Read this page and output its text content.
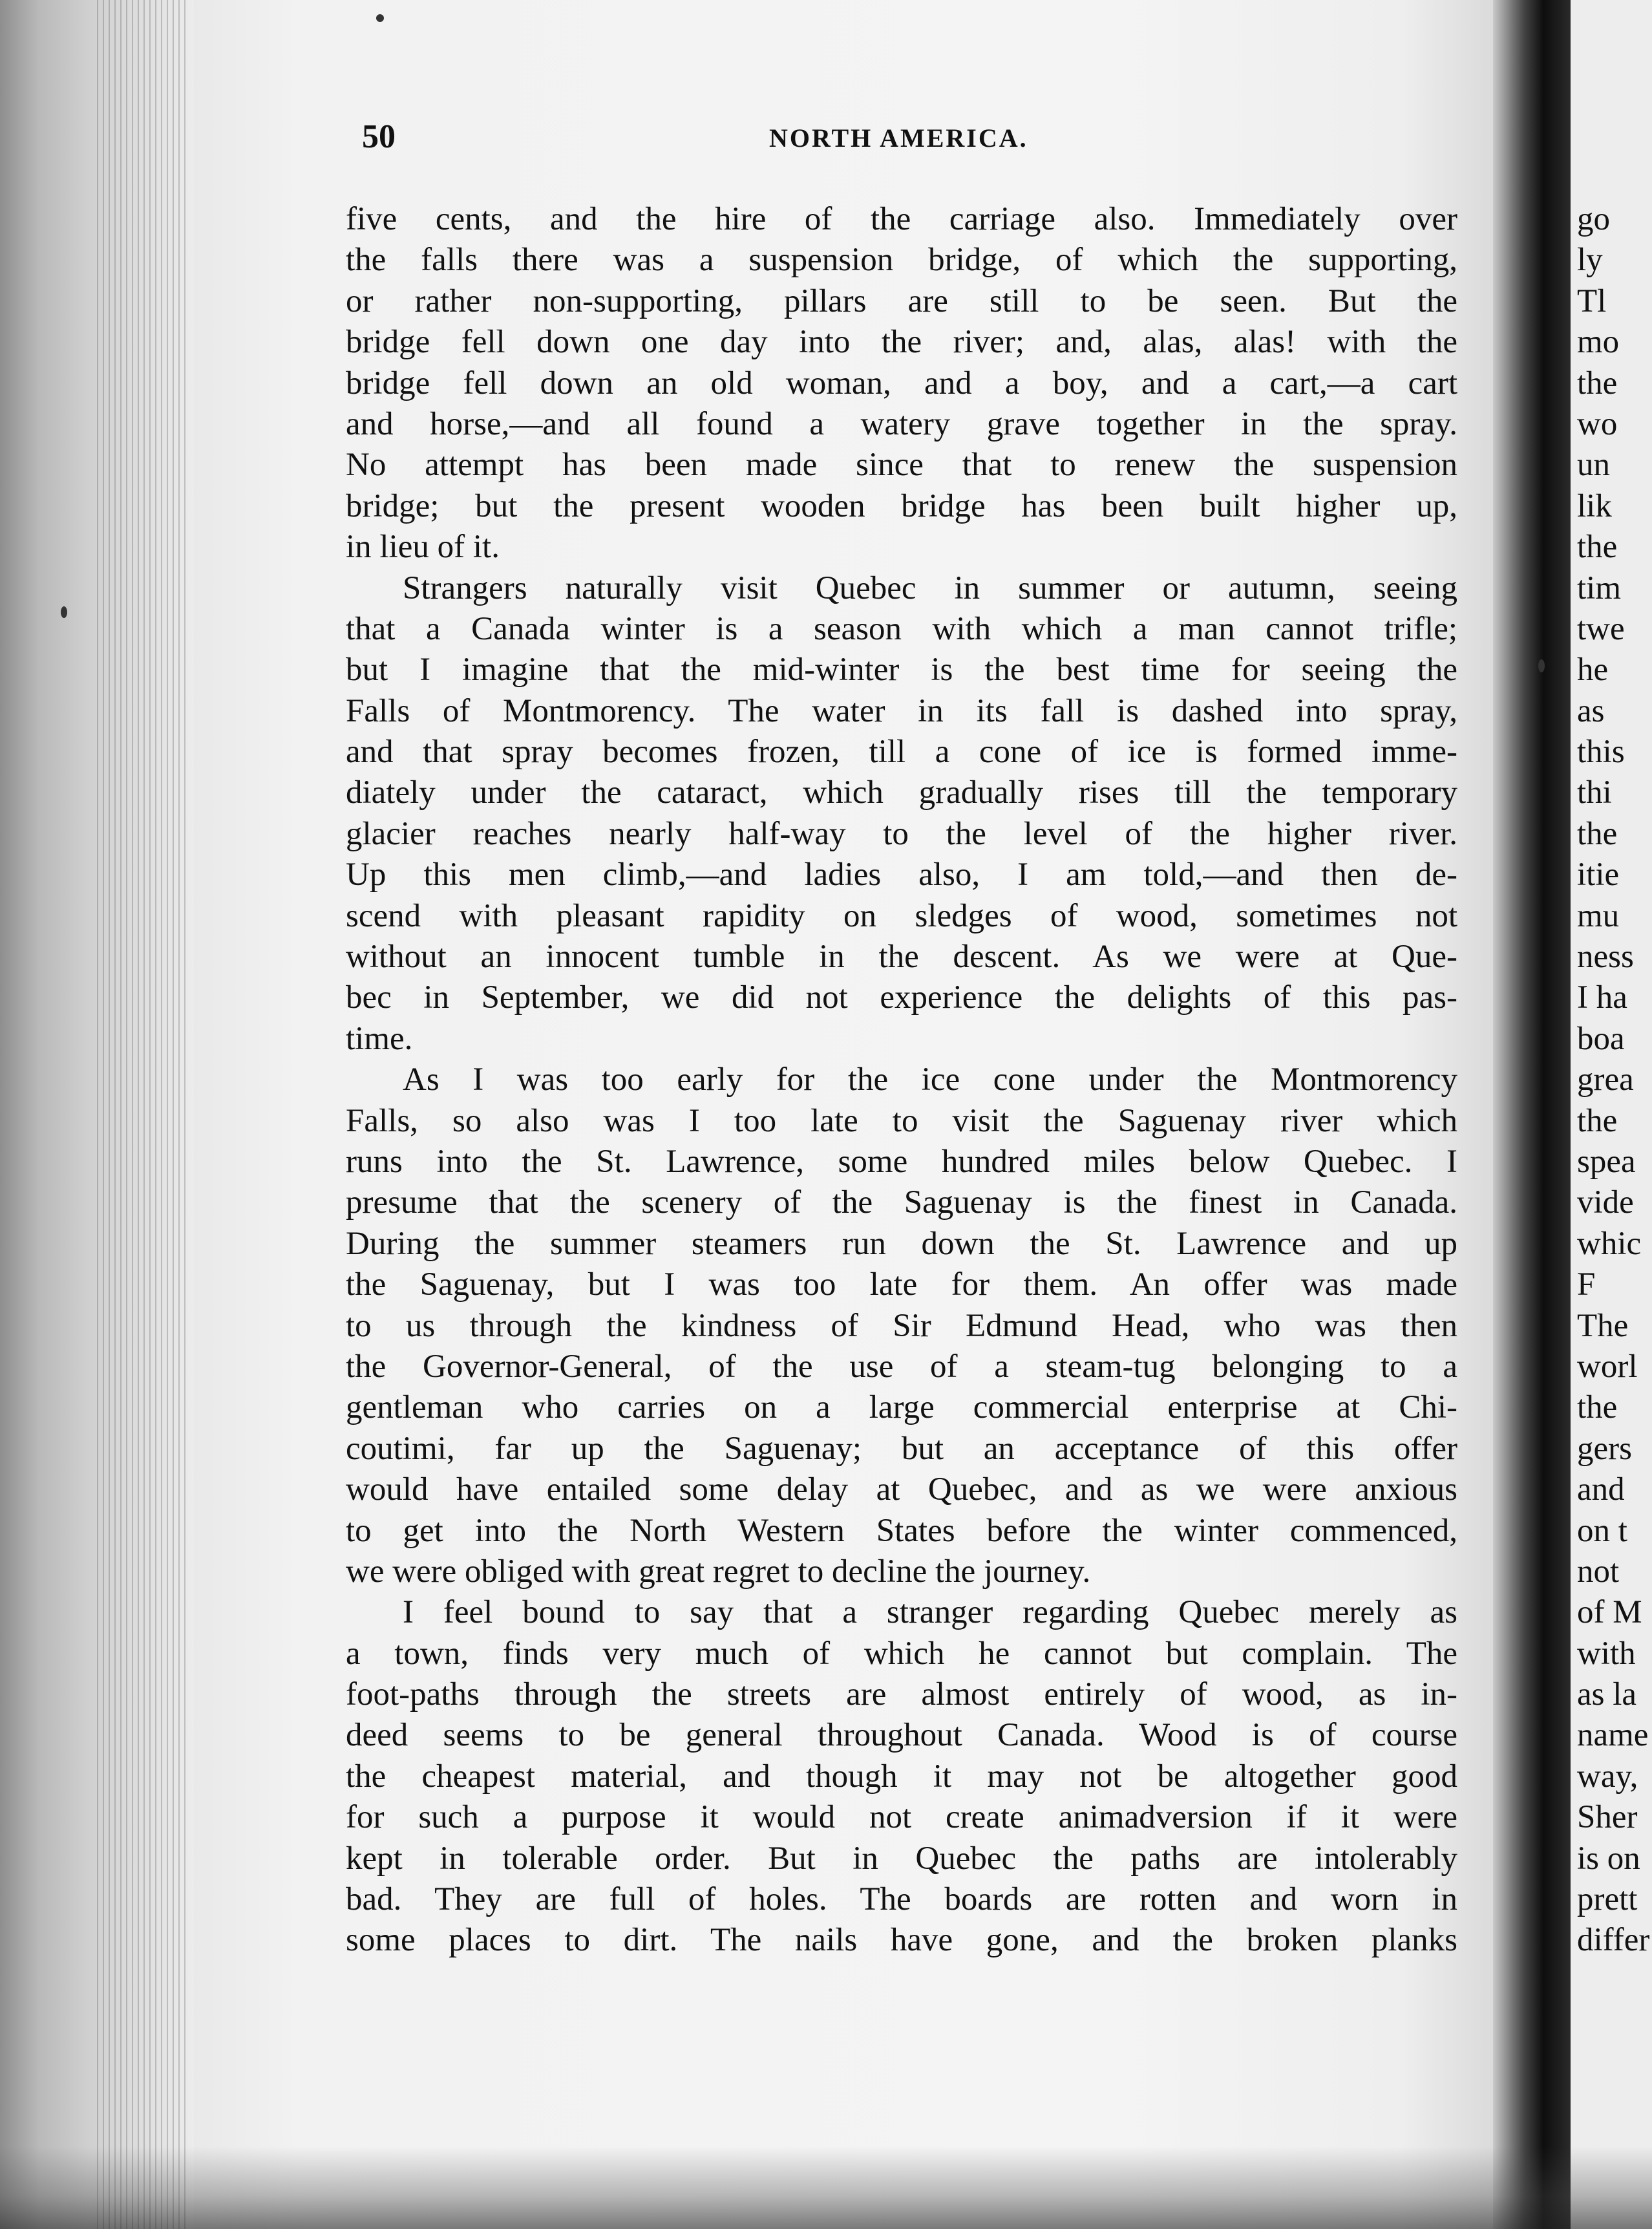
50	NORTH AMERICA.
five cents, and the hire of the carriage also. Immediately over
the falls there was a suspension bridge, of which the supporting,
or rather non-supporting, pillars are still to be seen. But the
bridge fell down one day into the river; and, alas, alas! with the
bridge fell down an old woman, and a boy, and a cart,—a cart
and horse,—and all found a watery grave together in the spray.
No attempt has been made since that to renew the suspension
bridge; but the present wooden bridge has been built higher up,
in lieu of it.
Strangers naturally visit Quebec in summer or autumn, seeing
that a Canada winter is a season with which a man cannot trifle;
but I imagine that the mid-winter is the best time for seeing the
Falls of Montmorency. The water in its fall is dashed into spray,
and that spray becomes frozen, till a cone of ice is formed imme-
diately under the cataract, which gradually rises till the temporary
glacier reaches nearly half-way to the level of the higher river.
Up this men climb,—and ladies also, I am told,—and then de-
scend with pleasant rapidity on sledges of wood, sometimes not
without an innocent tumble in the descent. As we were at Que-
bec in September, we did not experience the delights of this pas-
time.
As I was too early for the ice cone under the Montmorency
Falls, so also was I too late to visit the Saguenay river which
runs into the St. Lawrence, some hundred miles below Quebec. I
presume that the scenery of the Saguenay is the finest in Canada.
During the summer steamers run down the St. Lawrence and up
the Saguenay, but I was too late for them. An offer was made
to us through the kindness of Sir Edmund Head, who was then
the Governor-General, of the use of a steam-tug belonging to a
gentleman who carries on a large commercial enterprise at Chi-
coutimi, far up the Saguenay; but an acceptance of this offer
would have entailed some delay at Quebec, and as we were anxious
to get into the North Western States before the winter commenced,
we were obliged with great regret to decline the journey.
I feel bound to say that a stranger regarding Quebec merely as
a town, finds very much of which he cannot but complain. The
foot-paths through the streets are almost entirely of wood, as in-
deed seems to be general throughout Canada. Wood is of course
the cheapest material, and though it may not be altogether good
for such a purpose it would not create animadversion if it were
kept in tolerable order. But in Quebec the paths are intolerably
bad. They are full of holes. The boards are rotten and worn in
some places to dirt. The nails have gone, and the broken planks
go
ly
Tl
mo
the
wo
un
lik
the
tim
twe
he
as
this
thi
the
itie
mu
ness
I ha
boa
grea
the
spea
vide
whic
F
The
worl
the
gers
and
on t
not
of M
with
as la
name
way,
Sher
is on
prett
differ
